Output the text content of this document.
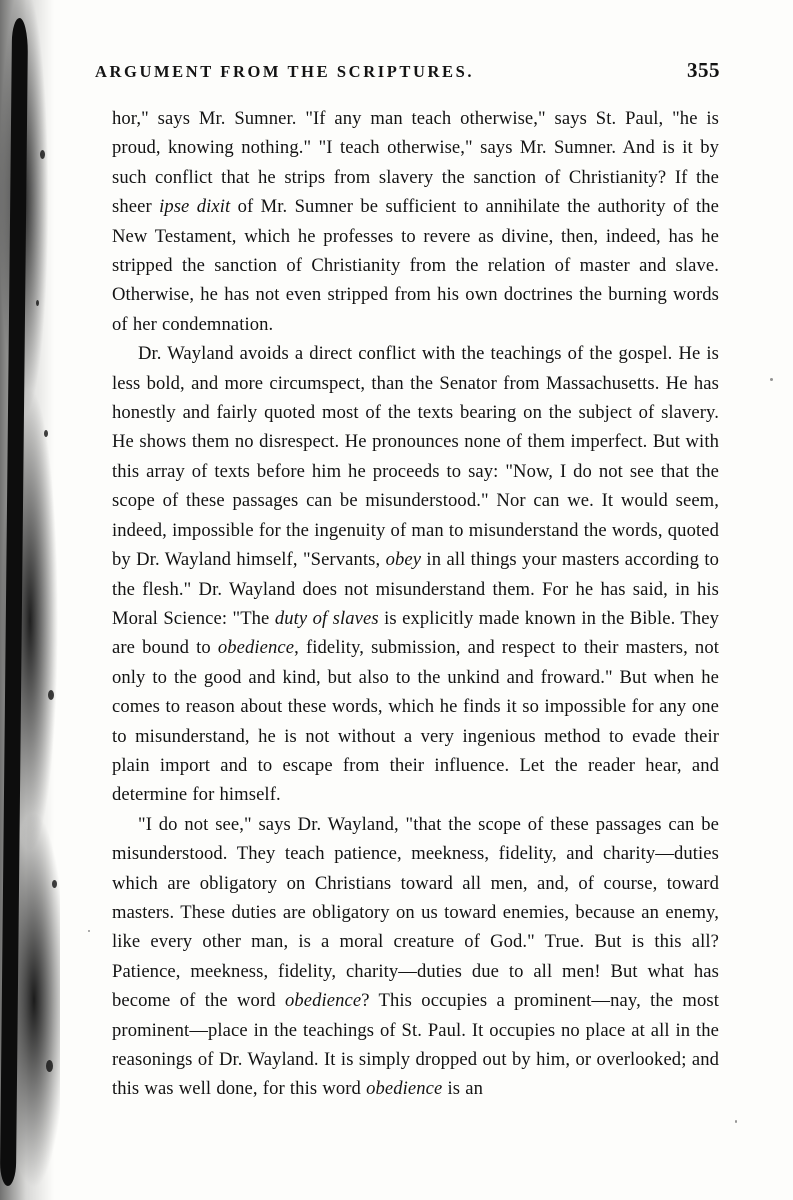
ARGUMENT FROM THE SCRIPTURES.	355

hor," says Mr. Sumner. "If any man teach otherwise," says St. Paul, "he is proud, knowing nothing." "I teach otherwise," says Mr. Sumner. And is it by such conflict that he strips from slavery the sanction of Christianity? If the sheer ipse dixit of Mr. Sumner be sufficient to annihilate the authority of the New Testament, which he professes to revere as divine, then, indeed, has he stripped the sanction of Christianity from the relation of master and slave. Otherwise, he has not even stripped from his own doctrines the burning words of her condemnation.

Dr. Wayland avoids a direct conflict with the teachings of the gospel. He is less bold, and more circumspect, than the Senator from Massachusetts. He has honestly and fairly quoted most of the texts bearing on the subject of slavery. He shows them no disrespect. He pronounces none of them imperfect. But with this array of texts before him he proceeds to say: "Now, I do not see that the scope of these passages can be misunderstood." Nor can we. It would seem, indeed, impossible for the ingenuity of man to misunderstand the words, quoted by Dr. Wayland himself, "Servants, obey in all things your masters according to the flesh." Dr. Wayland does not misunderstand them. For he has said, in his Moral Science: "The duty of slaves is explicitly made known in the Bible. They are bound to obedience, fidelity, submission, and respect to their masters, not only to the good and kind, but also to the unkind and froward." But when he comes to reason about these words, which he finds it so impossible for any one to misunderstand, he is not without a very ingenious method to evade their plain import and to escape from their influence. Let the reader hear, and determine for himself.

"I do not see," says Dr. Wayland, "that the scope of these passages can be misunderstood. They teach patience, meekness, fidelity, and charity—duties which are obligatory on Christians toward all men, and, of course, toward masters. These duties are obligatory on us toward enemies, because an enemy, like every other man, is a moral creature of God." True. But is this all? Patience, meekness, fidelity, charity—duties due to all men! But what has become of the word obedience? This occupies a prominent—nay, the most prominent—place in the teachings of St. Paul. It occupies no place at all in the reasonings of Dr. Wayland. It is simply dropped out by him, or overlooked; and this was well done, for this word obedience is an
